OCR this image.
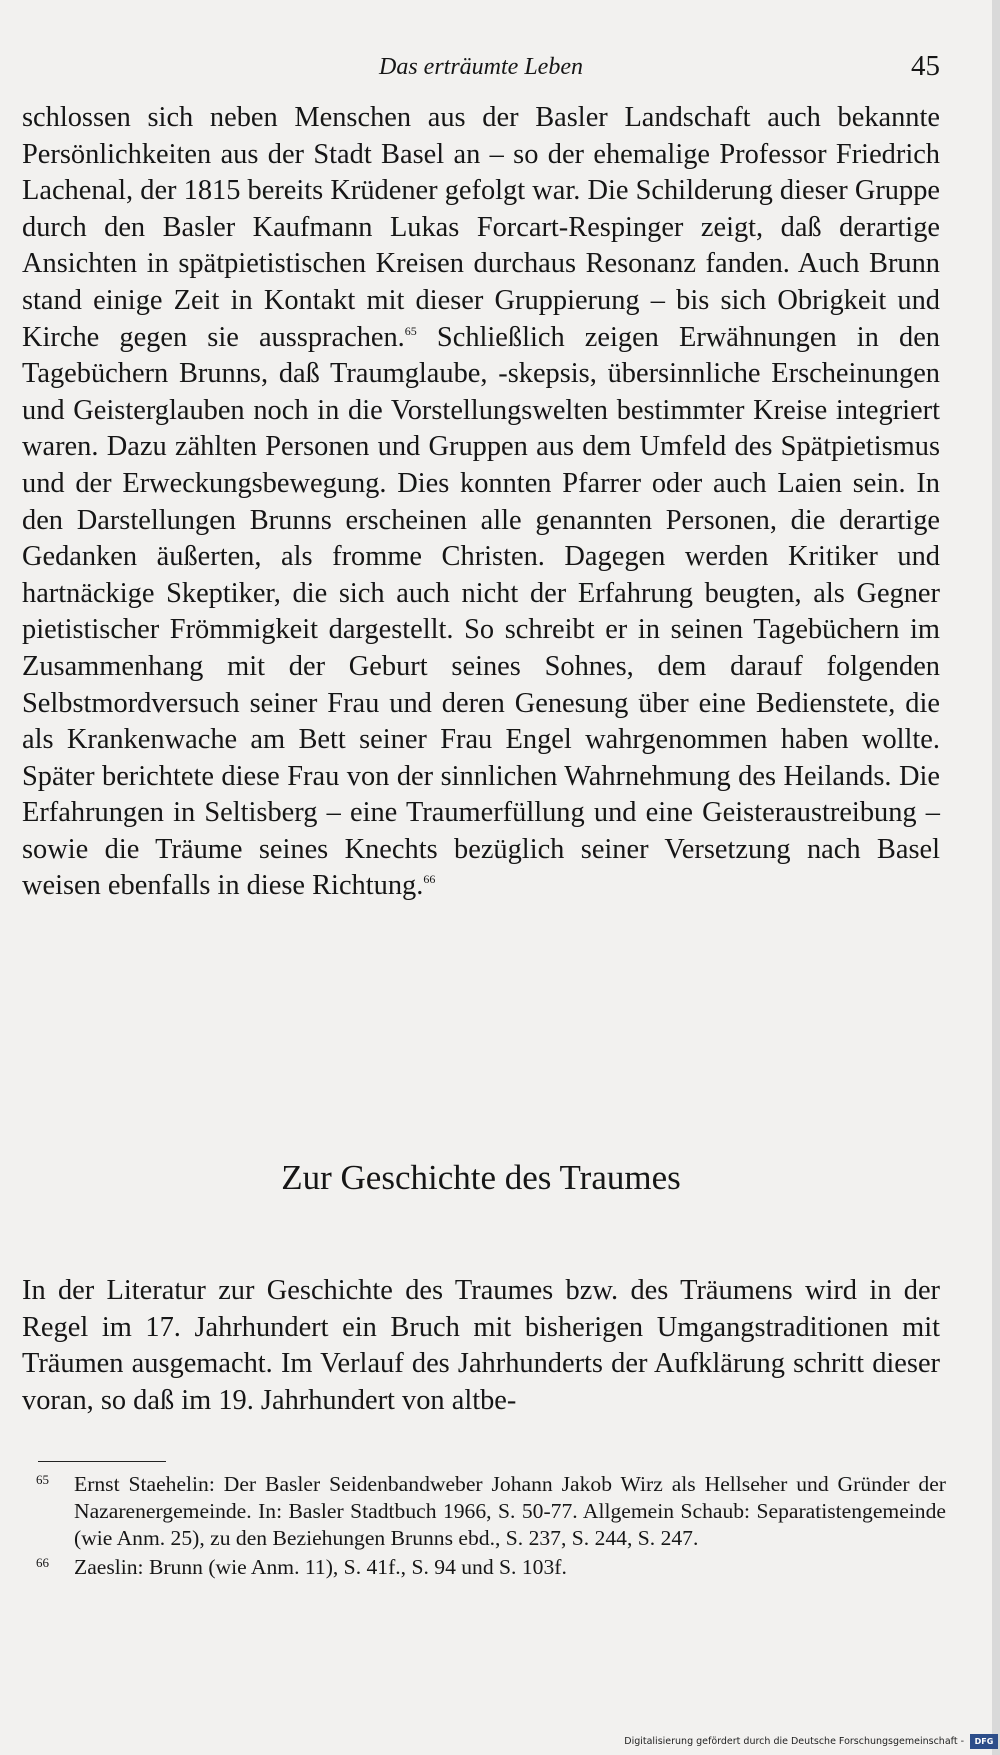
Das erträumte Leben	45

schlossen sich neben Menschen aus der Basler Landschaft auch bekannte Persönlichkeiten aus der Stadt Basel an – so der ehemalige Professor Friedrich Lachenal, der 1815 bereits Krüdener gefolgt war. Die Schilderung dieser Gruppe durch den Basler Kaufmann Lukas Forcart-Respinger zeigt, daß derartige Ansichten in spätpietistischen Kreisen durchaus Resonanz fanden. Auch Brunn stand einige Zeit in Kontakt mit dieser Gruppierung – bis sich Obrigkeit und Kirche gegen sie aussprachen.$^{65}$ Schließlich zeigen Erwähnungen in den Tagebüchern Brunns, daß Traumglaube, -skepsis, übersinnliche Erscheinungen und Geisterglauben noch in die Vorstellungswelten bestimmter Kreise integriert waren. Dazu zählten Personen und Gruppen aus dem Umfeld des Spätpietismus und der Erweckungsbewegung. Dies konnten Pfarrer oder auch Laien sein. In den Darstellungen Brunns erscheinen alle genannten Personen, die derartige Gedanken äußerten, als fromme Christen. Dagegen werden Kritiker und hartnäckige Skeptiker, die sich auch nicht der Erfahrung beugten, als Gegner pietistischer Frömmigkeit dargestellt. So schreibt er in seinen Tagebüchern im Zusammenhang mit der Geburt seines Sohnes, dem darauf folgenden Selbstmordversuch seiner Frau und deren Genesung über eine Bedienstete, die als Krankenwache am Bett seiner Frau Engel wahrgenommen haben wollte. Später berichtete diese Frau von der sinnlichen Wahrnehmung des Heilands. Die Erfahrungen in Seltisberg – eine Traumerfüllung und eine Geisteraustreibung – sowie die Träume seines Knechts bezüglich seiner Versetzung nach Basel weisen ebenfalls in diese Richtung.$^{66}$

Zur Geschichte des Traumes

In der Literatur zur Geschichte des Traumes bzw. des Träumens wird in der Regel im 17. Jahrhundert ein Bruch mit bisherigen Umgangstraditionen mit Träumen ausgemacht. Im Verlauf des Jahrhunderts der Aufklärung schritt dieser voran, so daß im 19. Jahrhundert von altbe-

65 Ernst Staehelin: Der Basler Seidenbandweber Johann Jakob Wirz als Hellseher und Gründer der Nazarenergemeinde. In: Basler Stadtbuch 1966, S. 50-77. Allgemein Schaub: Separatistengemeinde (wie Anm. 25), zu den Beziehungen Brunns ebd., S. 237, S. 244, S. 247.
66 Zaeslin: Brunn (wie Anm. 11), S. 41f., S. 94 und S. 103f.
Digitalisierung gefördert durch die Deutsche Forschungsgemeinschaft -	DFG
